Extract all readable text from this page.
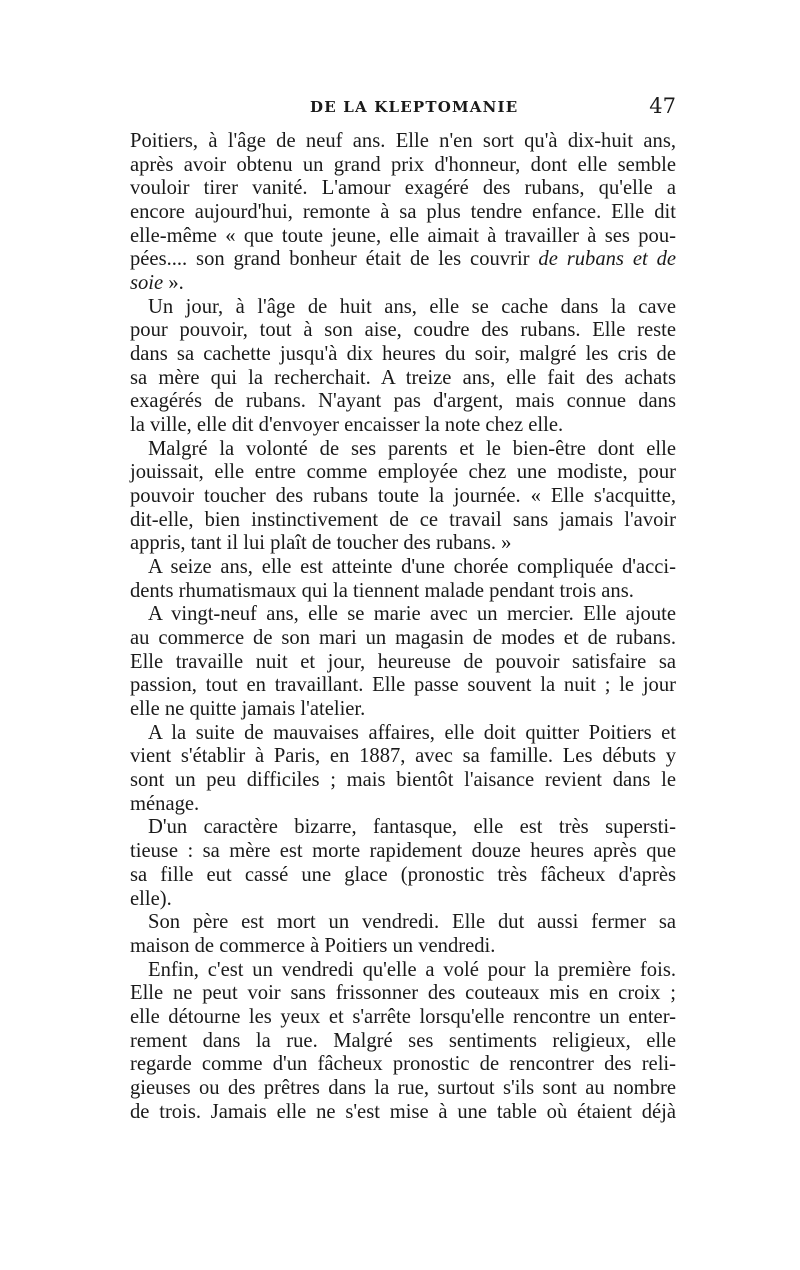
DE LA KLEPTOMANIE	47
Poitiers, à l'âge de neuf ans. Elle n'en sort qu'à dix-huit ans,
après avoir obtenu un grand prix d'honneur, dont elle semble
vouloir tirer vanité. L'amour exagéré des rubans, qu'elle a
encore aujourd'hui, remonte à sa plus tendre enfance. Elle dit
elle-même « que toute jeune, elle aimait à travailler à ses pou-
pées.... son grand bonheur était de les couvrir de rubans et de
soie ».
Un jour, à l'âge de huit ans, elle se cache dans la cave
pour pouvoir, tout à son aise, coudre des rubans. Elle reste
dans sa cachette jusqu'à dix heures du soir, malgré les cris de
sa mère qui la recherchait. A treize ans, elle fait des achats
exagérés de rubans. N'ayant pas d'argent, mais connue dans
la ville, elle dit d'envoyer encaisser la note chez elle.
Malgré la volonté de ses parents et le bien-être dont elle
jouissait, elle entre comme employée chez une modiste, pour
pouvoir toucher des rubans toute la journée. « Elle s'acquitte,
dit-elle, bien instinctivement de ce travail sans jamais l'avoir
appris, tant il lui plaît de toucher des rubans. »
A seize ans, elle est atteinte d'une chorée compliquée d'acci-
dents rhumatismaux qui la tiennent malade pendant trois ans.
A vingt-neuf ans, elle se marie avec un mercier. Elle ajoute
au commerce de son mari un magasin de modes et de rubans.
Elle travaille nuit et jour, heureuse de pouvoir satisfaire sa
passion, tout en travaillant. Elle passe souvent la nuit ; le jour
elle ne quitte jamais l'atelier.
A la suite de mauvaises affaires, elle doit quitter Poitiers et
vient s'établir à Paris, en 1887, avec sa famille. Les débuts y
sont un peu difficiles ; mais bientôt l'aisance revient dans le
ménage.
D'un caractère bizarre, fantasque, elle est très supersti-
tieuse : sa mère est morte rapidement douze heures après que
sa fille eut cassé une glace (pronostic très fâcheux d'après
elle).
Son père est mort un vendredi. Elle dut aussi fermer sa
maison de commerce à Poitiers un vendredi.
Enfin, c'est un vendredi qu'elle a volé pour la première fois.
Elle ne peut voir sans frissonner des couteaux mis en croix ;
elle détourne les yeux et s'arrête lorsqu'elle rencontre un enter-
rement dans la rue. Malgré ses sentiments religieux, elle
regarde comme d'un fâcheux pronostic de rencontrer des reli-
gieuses ou des prêtres dans la rue, surtout s'ils sont au nombre
de trois. Jamais elle ne s'est mise à une table où étaient déjà
